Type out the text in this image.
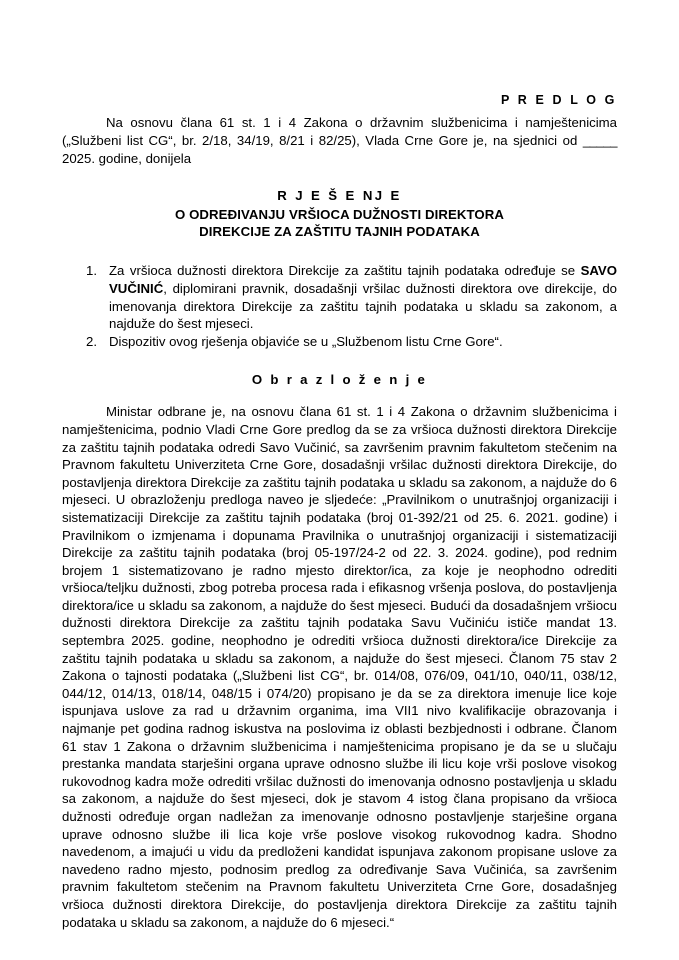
P R E D L O G

Na osnovu člana 61 st. 1 i 4 Zakona o državnim službenicima i namještenicima („Službeni list CG“, br. 2/18, 34/19, 8/21 i 82/25), Vlada Crne Gore je, na sjednici od _____ 2025. godine, donijela

R J E Š E NJ E
O ODREĐIVANJU VRŠIOCA DUŽNOSTI DIREKTORA
DIREKCIJE ZA ZAŠTITU TAJNIH PODATAKA
1. Za vršioca dužnosti direktora Direkcije za zaštitu tajnih podataka određuje se SAVO VUČINIĆ, diplomirani pravnik, dosadašnji vršilac dužnosti direktora ove direkcije, do imenovanja direktora Direkcije za zaštitu tajnih podataka u skladu sa zakonom, a najduže do šest mjeseci.
2. Dispozitiv ovog rješenja objaviće se u „Službenom listu Crne Gore“.
O b r a z l o ž e n j e

Ministar odbrane je, na osnovu člana 61 st. 1 i 4 Zakona o državnim službenicima i namještenicima, podnio Vladi Crne Gore predlog da se za vršioca dužnosti direktora Direkcije za zaštitu tajnih podataka odredi Savo Vučinić, sa završenim pravnim fakultetom stečenim na Pravnom fakultetu Univerziteta Crne Gore, dosadašnji vršilac dužnosti direktora Direkcije, do postavljenja direktora Direkcije za zaštitu tajnih podataka u skladu sa zakonom, a najduže do 6 mjeseci. U obrazloženju predloga naveo je sljedeće: „Pravilnikom o unutrašnjoj organizaciji i sistematizaciji Direkcije za zaštitu tajnih podataka (broj 01-392/21 od 25. 6. 2021. godine) i Pravilnikom o izmjenama i dopunama Pravilnika o unutrašnjoj organizaciji i sistematizaciji Direkcije za zaštitu tajnih podataka (broj 05-197/24-2 od 22. 3. 2024. godine), pod rednim brojem 1 sistematizovano je radno mjesto direktor/ica, za koje je neophodno odrediti vršioca/teljku dužnosti, zbog potreba procesa rada i efikasnog vršenja poslova, do postavljenja direktora/ice u skladu sa zakonom, a najduže do šest mjeseci. Budući da dosadašnjem vršiocu dužnosti direktora Direkcije za zaštitu tajnih podataka Savu Vučiniću ističe mandat 13. septembra 2025. godine, neophodno je odrediti vršioca dužnosti direktora/ice Direkcije za zaštitu tajnih podataka u skladu sa zakonom, a najduže do šest mjeseci. Članom 75 stav 2 Zakona o tajnosti podataka („Službeni list CG“, br. 014/08, 076/09, 041/10, 040/11, 038/12, 044/12, 014/13, 018/14, 048/15 i 074/20) propisano je da se za direktora imenuje lice koje ispunjava uslove za rad u državnim organima, ima VII1 nivo kvalifikacije obrazovanja i najmanje pet godina radnog iskustva na poslovima iz oblasti bezbjednosti i odbrane. Članom 61 stav 1 Zakona o državnim službenicima i namještenicima propisano je da se u slučaju prestanka mandata starješini organa uprave odnosno službe ili licu koje vrši poslove visokog rukovodnog kadra može odrediti vršilac dužnosti do imenovanja odnosno postavljenja u skladu sa zakonom, a najduže do šest mjeseci, dok je stavom 4 istog člana propisano da vršioca dužnosti određuje organ nadležan za imenovanje odnosno postavljenje starješine organa uprave odnosno službe ili lica koje vrše poslove visokog rukovodnog kadra. Shodno navedenom, a imajući u vidu da predloženi kandidat ispunjava zakonom propisane uslove za navedeno radno mjesto, podnosim predlog za određivanje Sava Vučinića, sa završenim pravnim fakultetom stečenim na Pravnom fakultetu Univerziteta Crne Gore, dosadašnjeg vršioca dužnosti direktora Direkcije, do postavljenja direktora Direkcije za zaštitu tajnih podataka u skladu sa zakonom, a najduže do 6 mjeseci.“
